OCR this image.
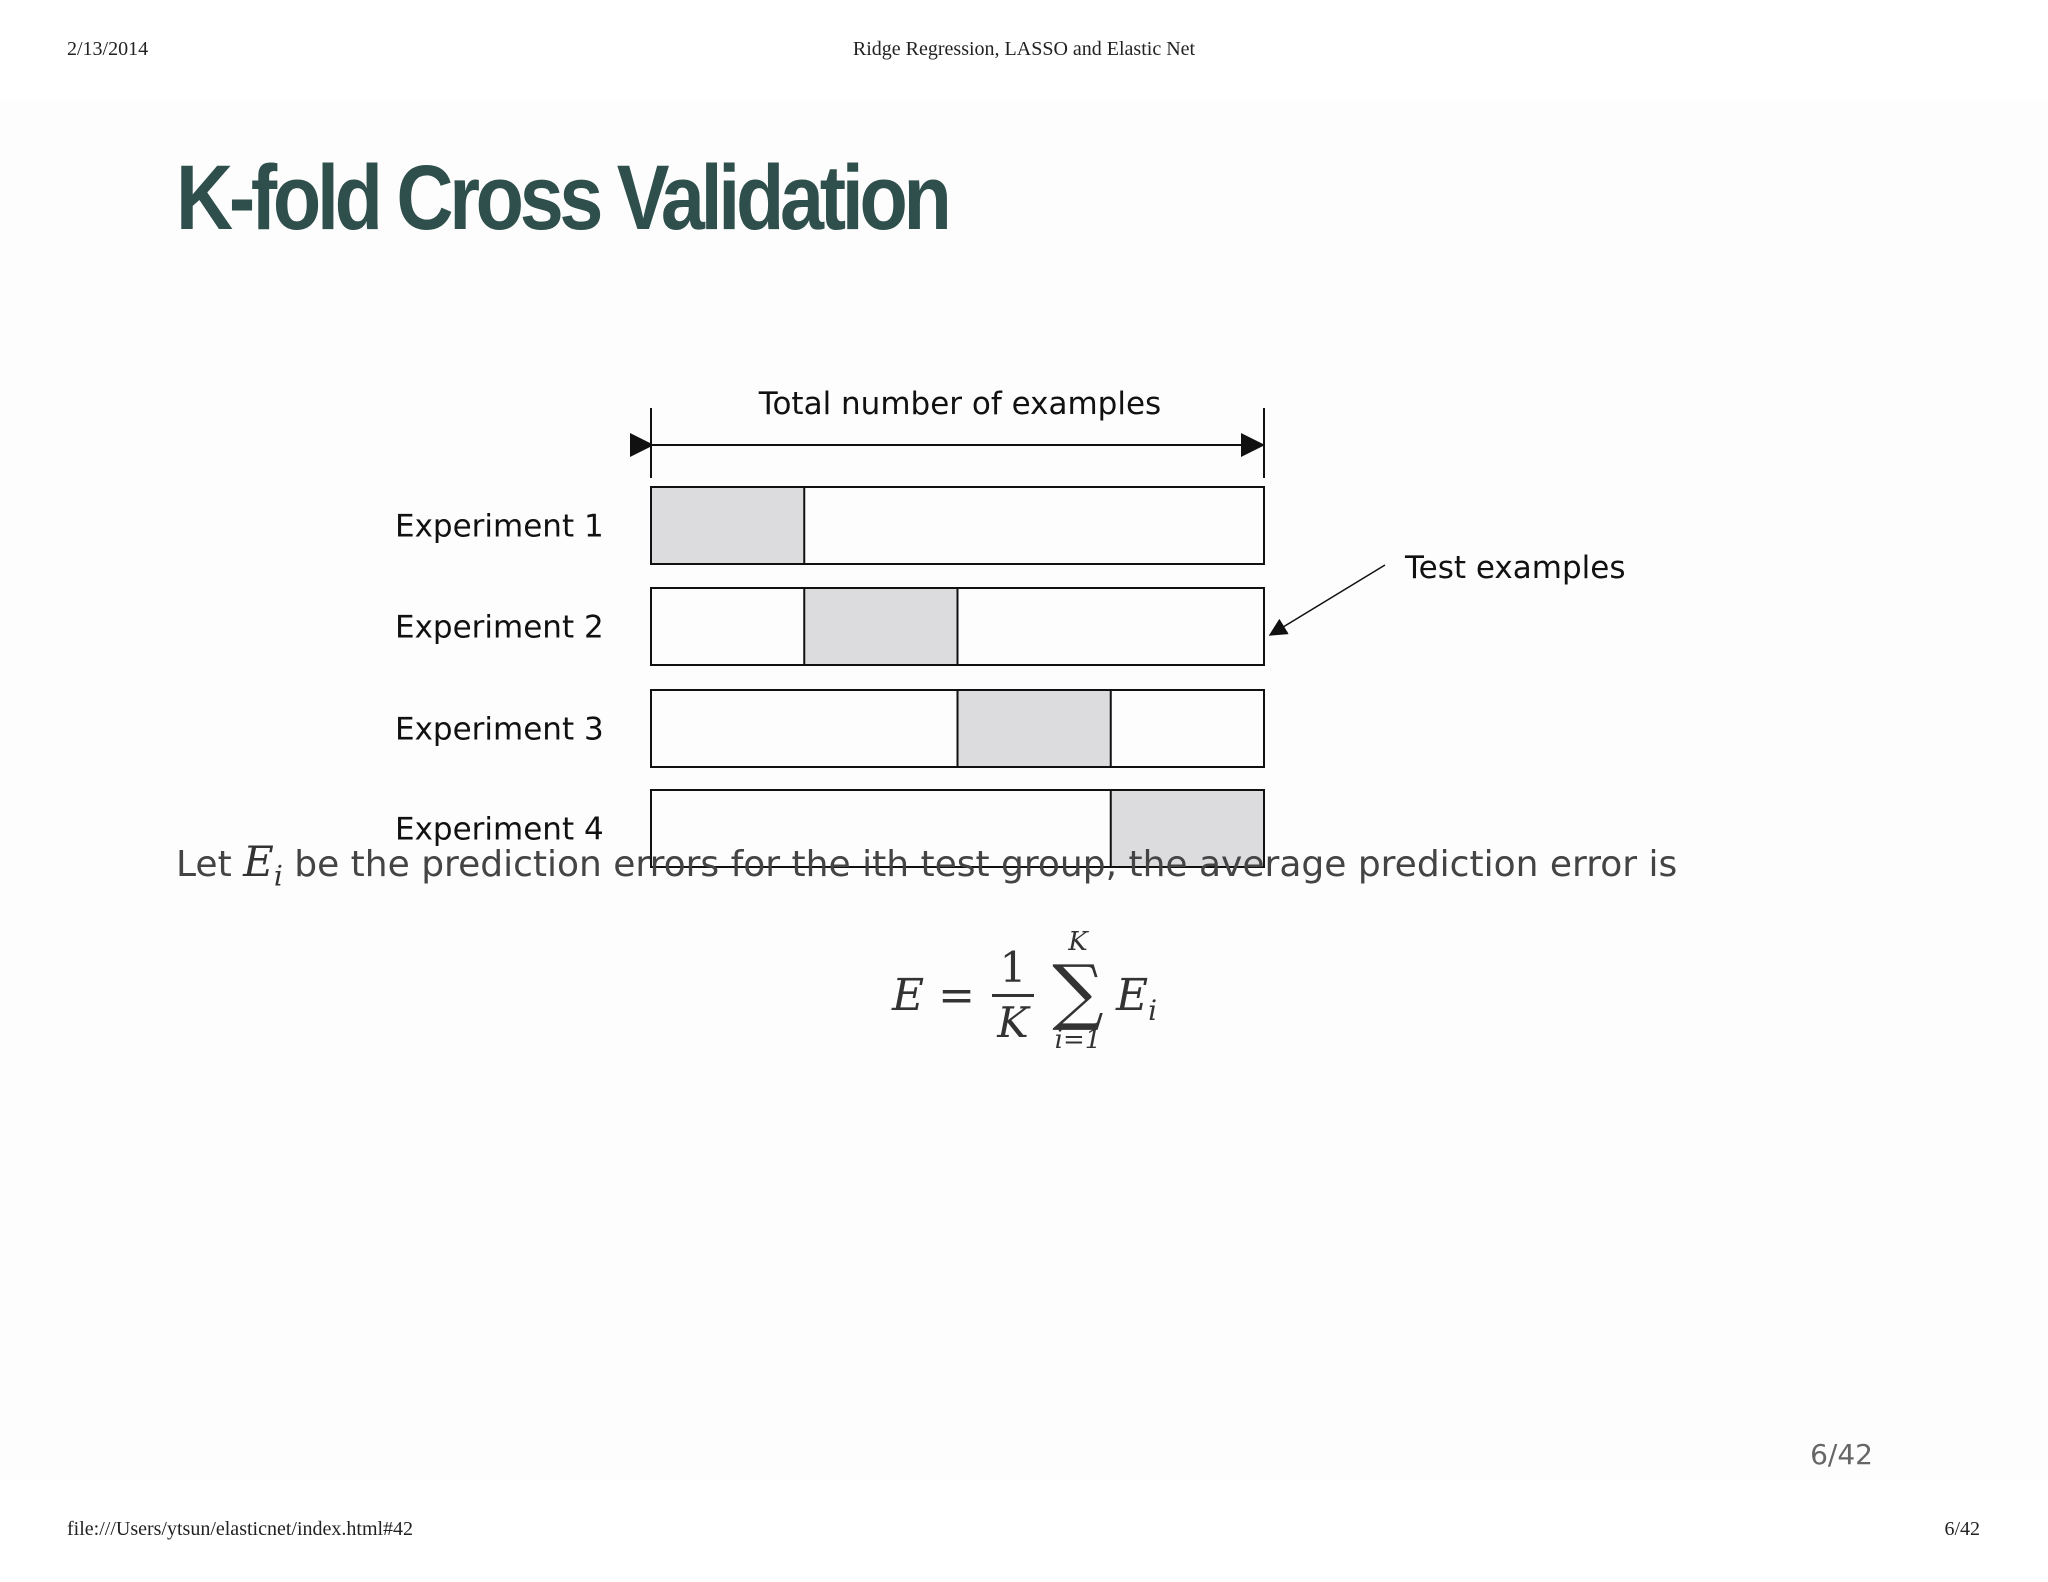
2/13/2014	Ridge Regression, LASSO and Elastic Net
K-fold Cross Validation
Total number of examples
Experiment 1
Experiment 2
Experiment 3
Experiment 4
Test examples

Let $E_i$ be the prediction errors for the ith test group, the average prediction error is

E =
1
K
K
∑
i=1
$E_i$
6/42
file:///Users/ytsun/elasticnet/index.html#42	6/42
